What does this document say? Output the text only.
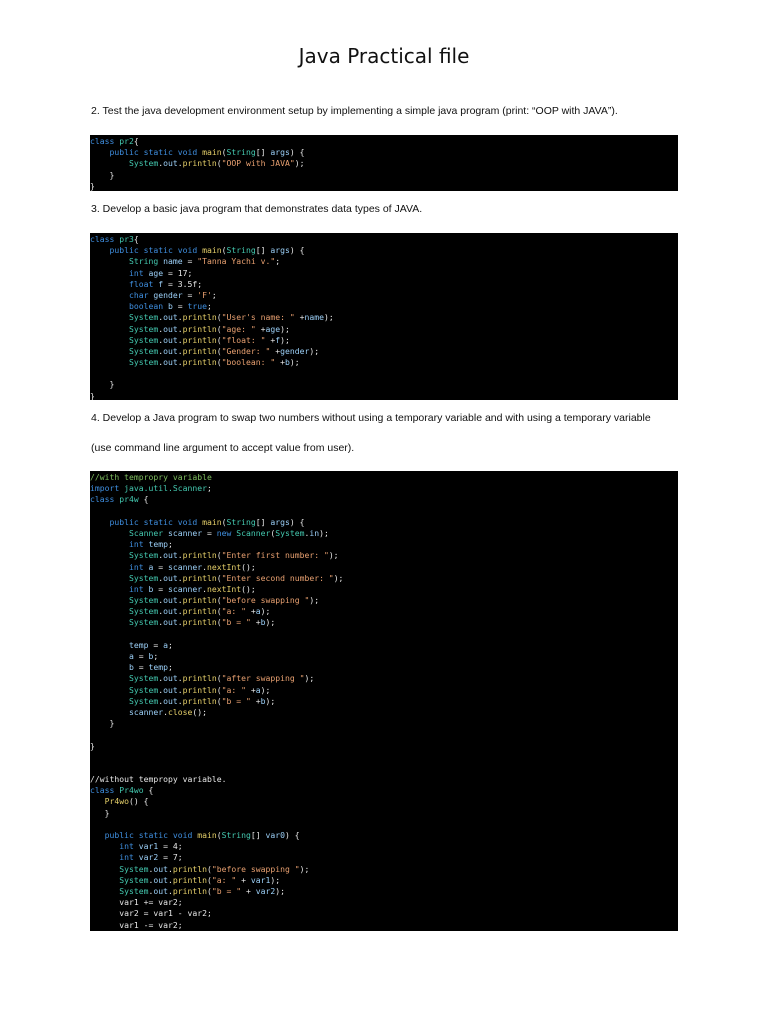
Java Practical file
2. Test the java development environment setup by implementing a simple java program (print: “OOP with JAVA”).
class pr2{
public static void main(String[] args) {
System.out.println("OOP with JAVA");
}
}
3. Develop a basic java program that demonstrates data types of JAVA.
class pr3{
public static void main(String[] args) {
String name = "Tanna Yachi v.";
int age = 17;
float f = 3.5f;
char gender = 'F';
boolean b = true;
System.out.println("User's name: " +name);
System.out.println("age: " +age);
System.out.println("float: " +f);
System.out.println("Gender: " +gender);
System.out.println("boolean: " +b);
}
}
4. Develop a Java program to swap two numbers without using a temporary variable and with using a temporary variable
(use command line argument to accept value from user).
//with tempropry variable
import java.util.Scanner;
class pr4w {
public static void main(String[] args) {
Scanner scanner = new Scanner(System.in);
int temp;
System.out.println("Enter first number: ");
int a = scanner.nextInt();
System.out.println("Enter second number: ");
int b = scanner.nextInt();
System.out.println("before swapping ");
System.out.println("a: " +a);
System.out.println("b = " +b);
temp = a;
a = b;
b = temp;
System.out.println("after swapping ");
System.out.println("a: " +a);
System.out.println("b = " +b);
scanner.close();
}
}
//without tempropy variable.
class Pr4wo {
Pr4wo() {
}
public static void main(String[] var0) {
int var1 = 4;
int var2 = 7;
System.out.println("before swapping ");
System.out.println("a: " + var1);
System.out.println("b = " + var2);
var1 += var2;
var2 = var1 - var2;
var1 -= var2;
